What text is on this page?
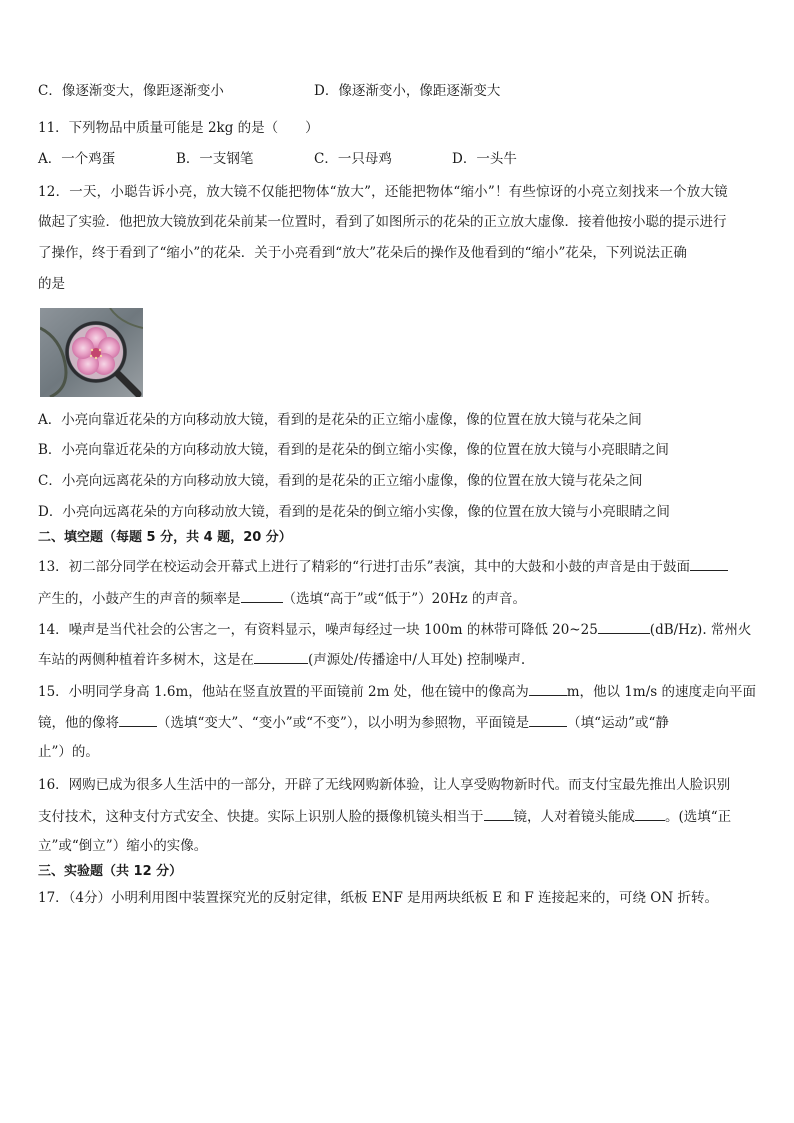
C．像逐渐变大，像距逐渐变小	D．像逐渐变小，像距逐渐变大
11．下列物品中质量可能是 2kg 的是（　　）
A．一个鸡蛋	B．一支钢笔	C．一只母鸡	D．一头牛
12．一天，小聪告诉小亮，放大镜不仅能把物体“放大”，还能把物体“缩小”！有些惊讶的小亮立刻找来一个放大镜
做起了实验．他把放大镜放到花朵前某一位置时，看到了如图所示的花朵的正立放大虚像．接着他按小聪的提示进行
了操作，终于看到了“缩小”的花朵．关于小亮看到“放大”花朵后的操作及他看到的“缩小”花朵，下列说法正确
的是
A．小亮向靠近花朵的方向移动放大镜，看到的是花朵的正立缩小虚像，像的位置在放大镜与花朵之间
B．小亮向靠近花朵的方向移动放大镜，看到的是花朵的倒立缩小实像，像的位置在放大镜与小亮眼睛之间
C．小亮向远离花朵的方向移动放大镜，看到的是花朵的正立缩小虚像，像的位置在放大镜与花朵之间
D．小亮向远离花朵的方向移动放大镜，看到的是花朵的倒立缩小实像，像的位置在放大镜与小亮眼睛之间
二、填空题（每题 5 分，共 4 题，20 分）
13．初二部分同学在校运动会开幕式上进行了精彩的“行进打击乐”表演，其中的大鼓和小鼓的声音是由于鼓面
产生的，小鼓产生的声音的频率是	（选填“高于”或“低于”）20Hz 的声音。
14．噪声是当代社会的公害之一，有资料显示，噪声每经过一块 100m 的林带可降低 20~25	(dB/Hz). 常州火
车站的两侧种植着许多树木，这是在	(声源处/传播途中/人耳处) 控制噪声.
15．小明同学身高 1.6m，他站在竖直放置的平面镜前 2m 处，他在镜中的像高为	m，他以 1m/s 的速度走向平面
镜，他的像将	（选填“变大”、“变小”或“不变”），以小明为参照物，平面镜是	（填“运动”或“静
止”）的。
16．网购已成为很多人生活中的一部分，开辟了无线网购新体验，让人享受购物新时代。而支付宝最先推出人脸识别
支付技术，这种支付方式安全、快捷。实际上识别人脸的摄像机镜头相当于 镜，人对着镜头能成 。(选填“正
立”或“倒立”）缩小的实像。
三、实验题（共 12 分）
17．（4分）小明利用图中装置探究光的反射定律，纸板 ENF 是用两块纸板 E 和 F 连接起来的，可绕 ON 折转。
